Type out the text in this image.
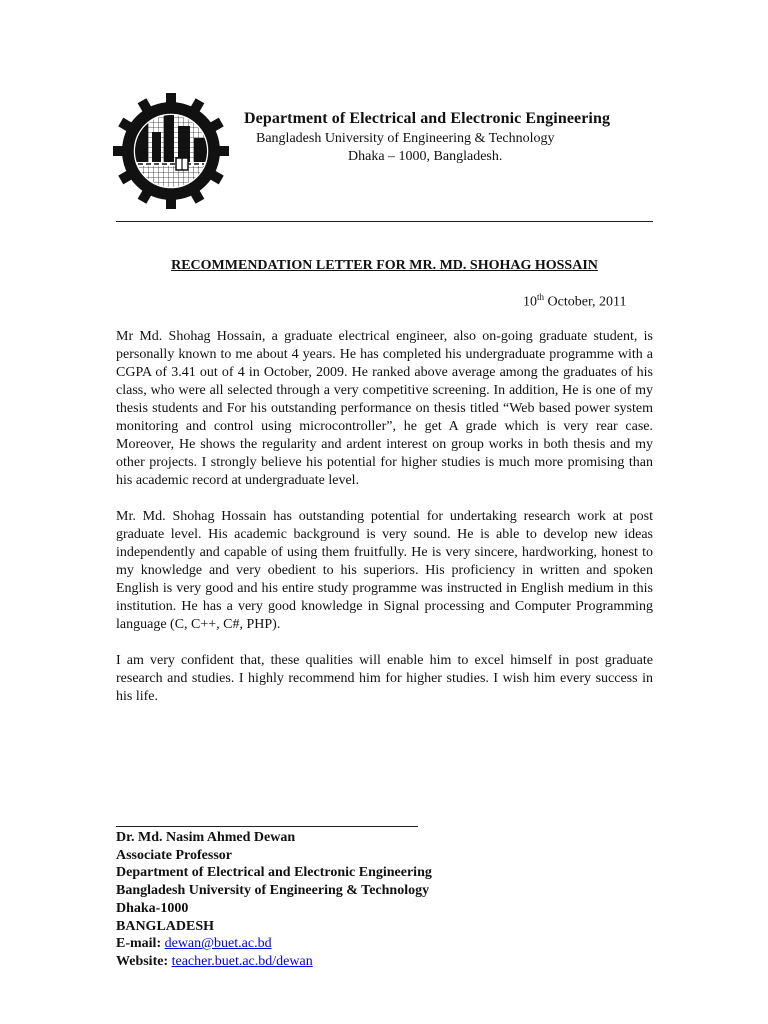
Department of Electrical and Electronic Engineering
Bangladesh University of Engineering & Technology
Dhaka – 1000, Bangladesh.
RECOMMENDATION LETTER FOR MR. MD. SHOHAG HOSSAIN
10th October, 2011

Mr Md. Shohag Hossain, a graduate electrical engineer, also on-going graduate student, is personally known to me about 4 years. He has completed his undergraduate programme with a CGPA of 3.41 out of 4 in October, 2009. He ranked above average among the graduates of his class, who were all selected through a very competitive screening. In addition, He is one of my thesis students and For his outstanding performance on thesis titled “Web based power system monitoring and control using microcontroller”, he get A grade which is very rear case. Moreover, He shows the regularity and ardent interest on group works in both thesis and my other projects. I strongly believe his potential for higher studies is much more promising than his academic record at undergraduate level.

Mr. Md. Shohag Hossain has outstanding potential for undertaking research work at post graduate level. His academic background is very sound. He is able to develop new ideas independently and capable of using them fruitfully. He is very sincere, hardworking, honest to my knowledge and very obedient to his superiors. His proficiency in written and spoken English is very good and his entire study programme was instructed in English medium in this institution. He has a very good knowledge in Signal processing and Computer Programming language (C, C++, C#, PHP).

I am very confident that, these qualities will enable him to excel himself in post graduate research and studies. I highly recommend him for higher studies. I wish him every success in his life.

Dr. Md. Nasim Ahmed Dewan
Associate Professor
Department of Electrical and Electronic Engineering
Bangladesh University of Engineering & Technology
Dhaka-1000
BANGLADESH
E-mail: dewan@buet.ac.bd
Website: teacher.buet.ac.bd/dewan
